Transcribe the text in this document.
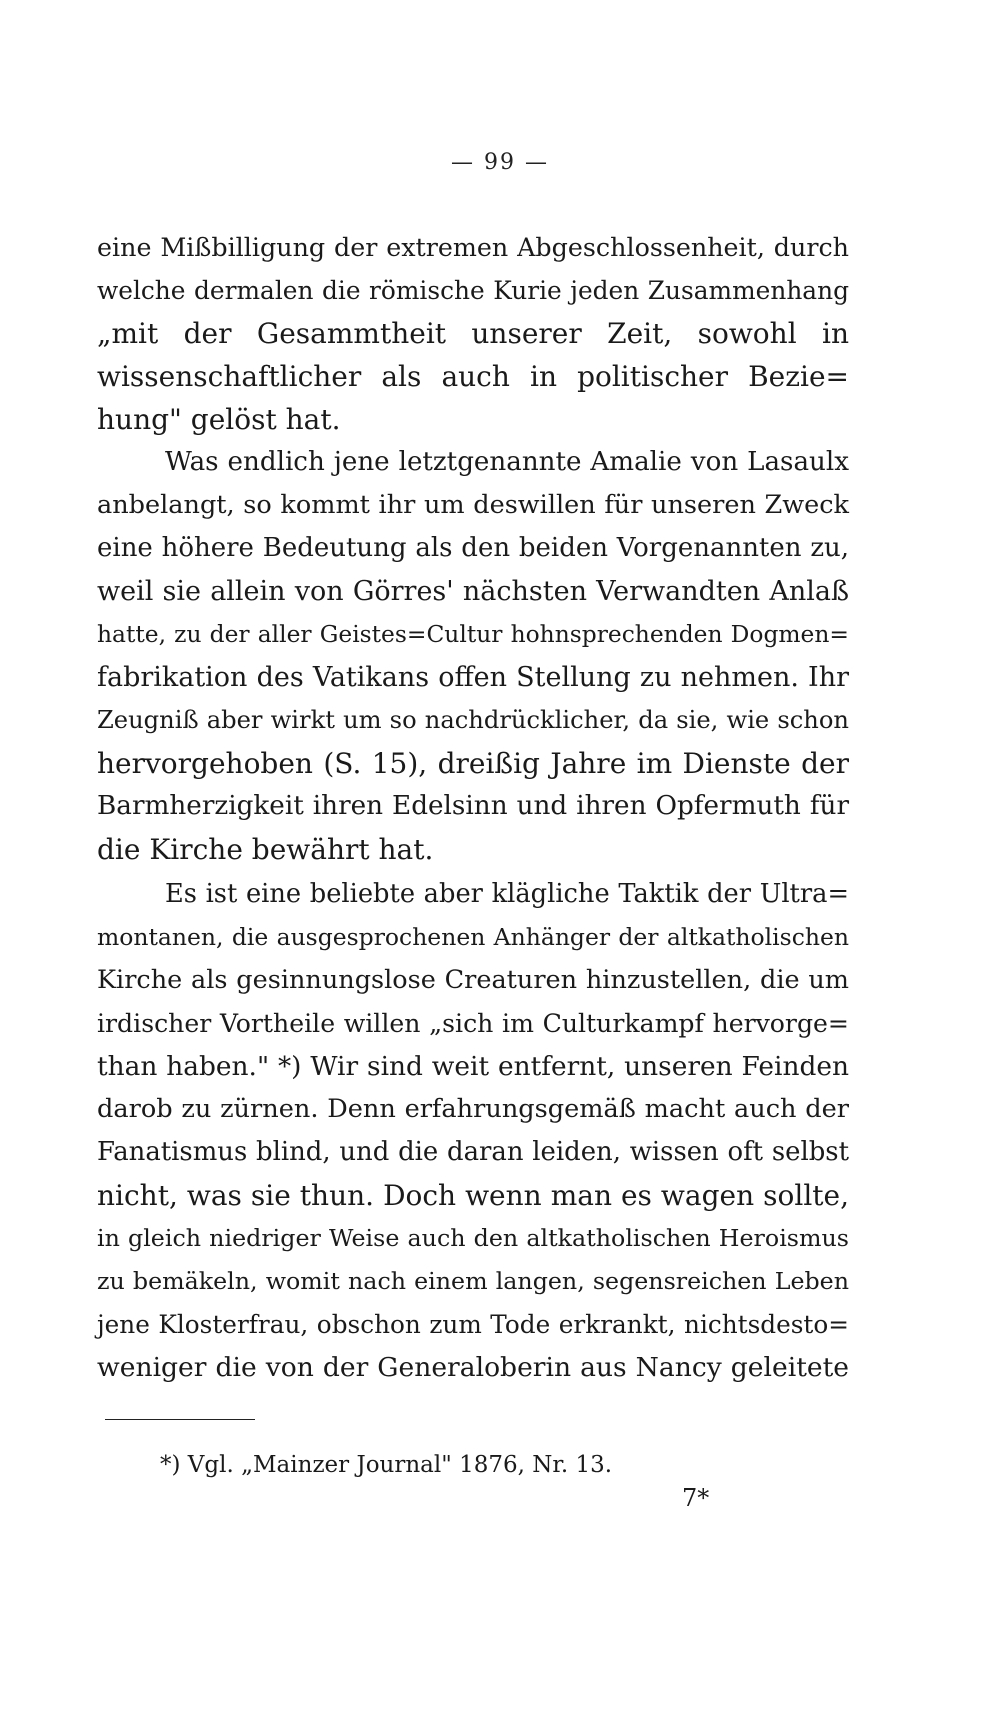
— 99 —
eine Mißbilligung der extremen Abgeschlossenheit, durch
welche dermalen die römische Kurie jeden Zusammenhang
„mit der Gesammtheit unserer Zeit, sowohl in
wissenschaftlicher als auch in politischer Bezie=
hung" gelöst hat.
Was endlich jene letztgenannte Amalie von Lasaulx
anbelangt, so kommt ihr um deswillen für unseren Zweck
eine höhere Bedeutung als den beiden Vorgenannten zu,
weil sie allein von Görres' nächsten Verwandten Anlaß
hatte, zu der aller Geistes=Cultur hohnsprechenden Dogmen=
fabrikation des Vatikans offen Stellung zu nehmen. Ihr
Zeugniß aber wirkt um so nachdrücklicher, da sie, wie schon
hervorgehoben (S. 15), dreißig Jahre im Dienste der
Barmherzigkeit ihren Edelsinn und ihren Opfermuth für
die Kirche bewährt hat.
Es ist eine beliebte aber klägliche Taktik der Ultra=
montanen, die ausgesprochenen Anhänger der altkatholischen
Kirche als gesinnungslose Creaturen hinzustellen, die um
irdischer Vortheile willen „sich im Culturkampf hervorge=
than haben." *) Wir sind weit entfernt, unseren Feinden
darob zu zürnen. Denn erfahrungsgemäß macht auch der
Fanatismus blind, und die daran leiden, wissen oft selbst
nicht, was sie thun. Doch wenn man es wagen sollte,
in gleich niedriger Weise auch den altkatholischen Heroismus
zu bemäkeln, womit nach einem langen, segensreichen Leben
jene Klosterfrau, obschon zum Tode erkrankt, nichtsdesto=
weniger die von der Generaloberin aus Nancy geleitete
*) Vgl. „Mainzer Journal" 1876, Nr. 13.
7*
